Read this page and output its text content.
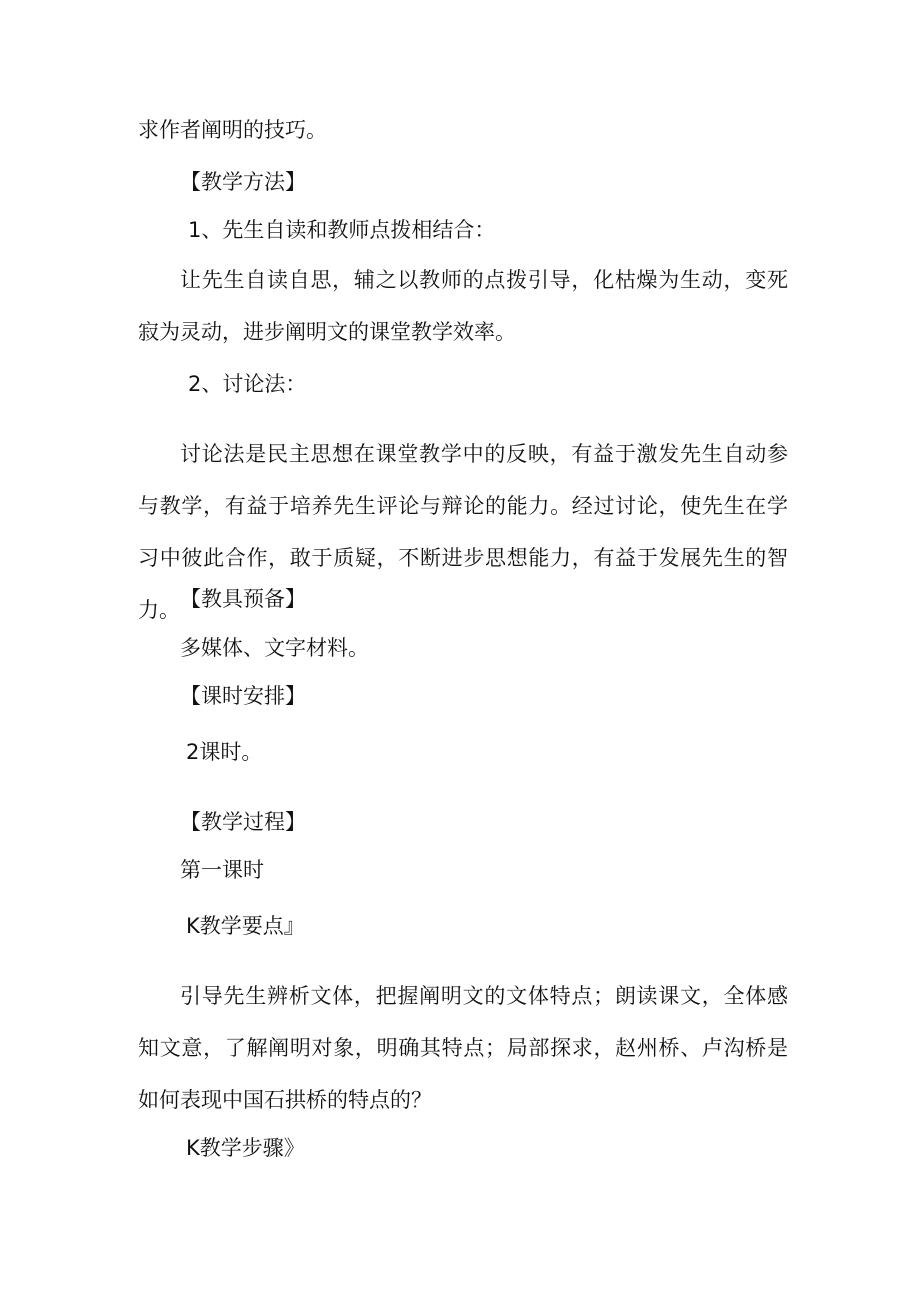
求作者阐明的技巧。
【教学方法】
1、先生自读和教师点拨相结合：
让先生自读自思，辅之以教师的点拨引导，化枯燥为生动，变死寂为灵动，进步阐明文的课堂教学效率。
2、讨论法：
讨论法是民主思想在课堂教学中的反映，有益于激发先生自动参与教学，有益于培养先生评论与辩论的能力。经过讨论，使先生在学习中彼此合作，敢于质疑，不断进步思想能力，有益于发展先生的智力。 【教具预备】
多媒体、文字材料。
【课时安排】
2课时。
【教学过程】
第一课时
K教学要点』
引导先生辨析文体，把握阐明文的文体特点；朗读课文，全体感知文意，了解阐明对象，明确其特点；局部探求，赵州桥、卢沟桥是如何表现中国石拱桥的特点的？
K教学步骤》
